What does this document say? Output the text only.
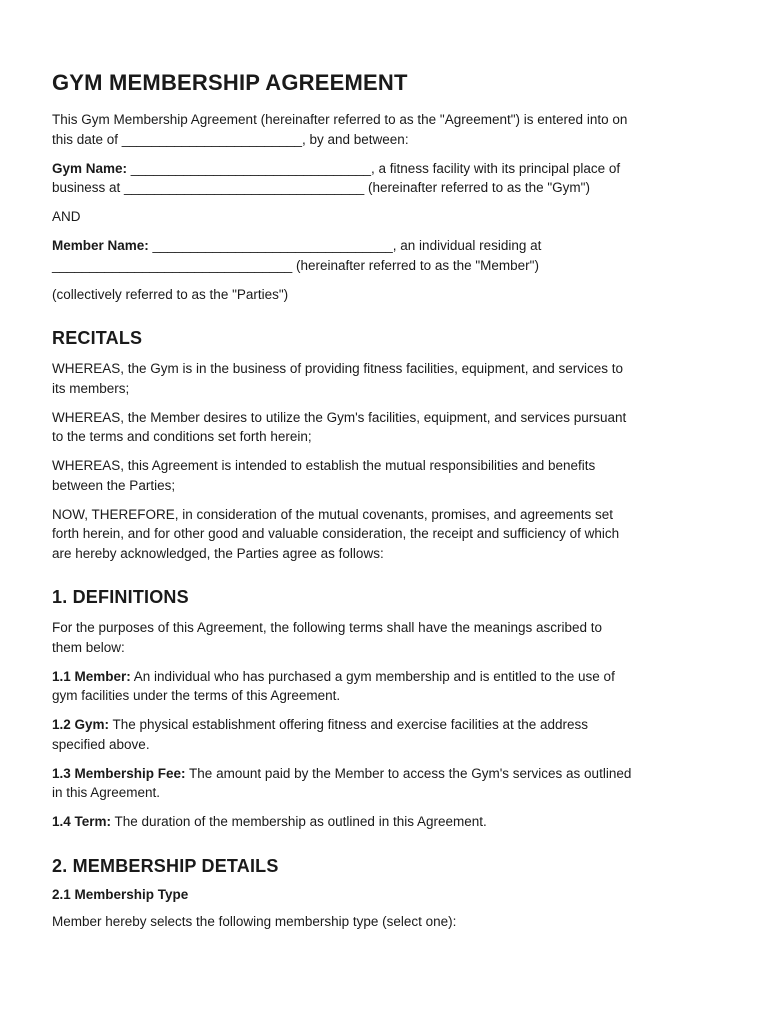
GYM MEMBERSHIP AGREEMENT

This Gym Membership Agreement (hereinafter referred to as the "Agreement") is entered into on
this date of ________________________, by and between:

Gym Name: ________________________________, a fitness facility with its principal place of
business at ________________________________ (hereinafter referred to as the "Gym")

AND

Member Name: ________________________________, an individual residing at
________________________________ (hereinafter referred to as the "Member")

(collectively referred to as the "Parties")

RECITALS

WHEREAS, the Gym is in the business of providing fitness facilities, equipment, and services to
its members;

WHEREAS, the Member desires to utilize the Gym's facilities, equipment, and services pursuant
to the terms and conditions set forth herein;

WHEREAS, this Agreement is intended to establish the mutual responsibilities and benefits
between the Parties;

NOW, THEREFORE, in consideration of the mutual covenants, promises, and agreements set
forth herein, and for other good and valuable consideration, the receipt and sufficiency of which
are hereby acknowledged, the Parties agree as follows:

1. DEFINITIONS

For the purposes of this Agreement, the following terms shall have the meanings ascribed to
them below:

1.1 Member: An individual who has purchased a gym membership and is entitled to the use of
gym facilities under the terms of this Agreement.

1.2 Gym: The physical establishment offering fitness and exercise facilities at the address
specified above.

1.3 Membership Fee: The amount paid by the Member to access the Gym's services as outlined
in this Agreement.

1.4 Term: The duration of the membership as outlined in this Agreement.

2. MEMBERSHIP DETAILS
2.1 Membership Type

Member hereby selects the following membership type (select one):
